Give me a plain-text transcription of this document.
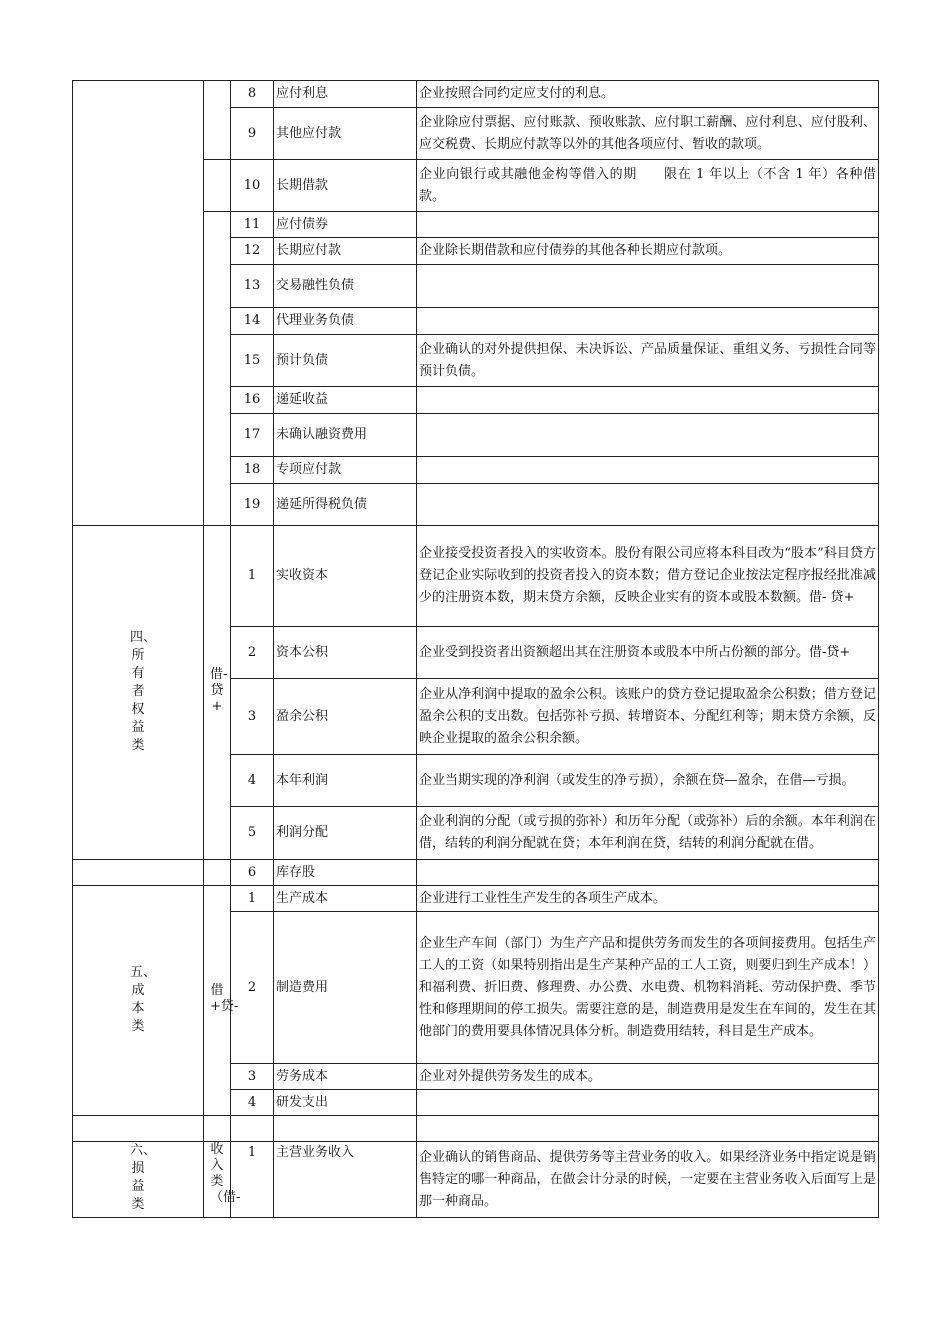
		8	应付利息	企业按照合同约定应支付的利息。
		9	其他应付款	企业除应付票据、应付账款、预收账款、应付职工薪酬、应付利息、应付股利、应交税费、长期应付款等以外的其他各项应付、暂收的款项。
		10	长期借款	企业向银行或其融他金构等借入的期　　限在 1 年以上（不含 1 年）各种借款。
		11	应付债券	
		12	长期应付款	企业除长期借款和应付债券的其他各种长期应付款项。
		13	交易融性负债	
		14	代理业务负债	
		15	预计负债	企业确认的对外提供担保、未决诉讼、产品质量保证、重组义务、亏损性合同等预计负债。
		16	递延收益	
		17	未确认融资费用	
		18	专项应付款	
		19	递延所得税负债	
四、所有者权益类	借-贷+	1	实收资本	企业接受投资者投入的实收资本。股份有限公司应将本科目改为“股本”科目贷方登记企业实际收到的投资者投入的资本数；借方登记企业按法定程序报经批准减少的注册资本数，期末贷方余额，反映企业实有的资本或股本数额。借- 贷+
		2	资本公积	企业受到投资者出资额超出其在注册资本或股本中所占份额的部分。借-贷+
		3	盈余公积	企业从净利润中提取的盈余公积。该账户的贷方登记提取盈余公积数；借方登记盈余公积的支出数。包括弥补亏损、转增资本、分配红利等；期末贷方余额，反映企业提取的盈余公积余额。
		4	本年利润	企业当期实现的净利润（或发生的净亏损），余额在贷—盈余，在借—亏损。
		5	利润分配	企业利润的分配（或亏损的弥补）和历年分配（或弥补）后的余额。本年利润在借，结转的利润分配就在贷；本年利润在贷，结转的利润分配就在借。
		6	库存股	
五、成本类	借+贷-	1	生产成本	企业进行工业性生产发生的各项生产成本。
		2	制造费用	企业生产车间（部门）为生产产品和提供劳务而发生的各项间接费用。包括生产工人的工资（如果特别指出是生产某种产品的工人工资，则要归到生产成本！）和福利费、折旧费、修理费、办公费、水电费、机物料消耗、劳动保护费、季节性和修理期间的停工损失。需要注意的是，制造费用是发生在车间的，发生在其他部门的费用要具体情况具体分析。制造费用结转，科目是生产成本。
		3	劳务成本	企业对外提供劳务发生的成本。
		4	研发支出	

六、损益类	收入类（借-	1	主营业务收入	企业确认的销售商品、提供劳务等主营业务的收入。如果经济业务中指定说是销售特定的哪一种商品，在做会计分录的时候，一定要在主营业务收入后面写上是那一种商品。
